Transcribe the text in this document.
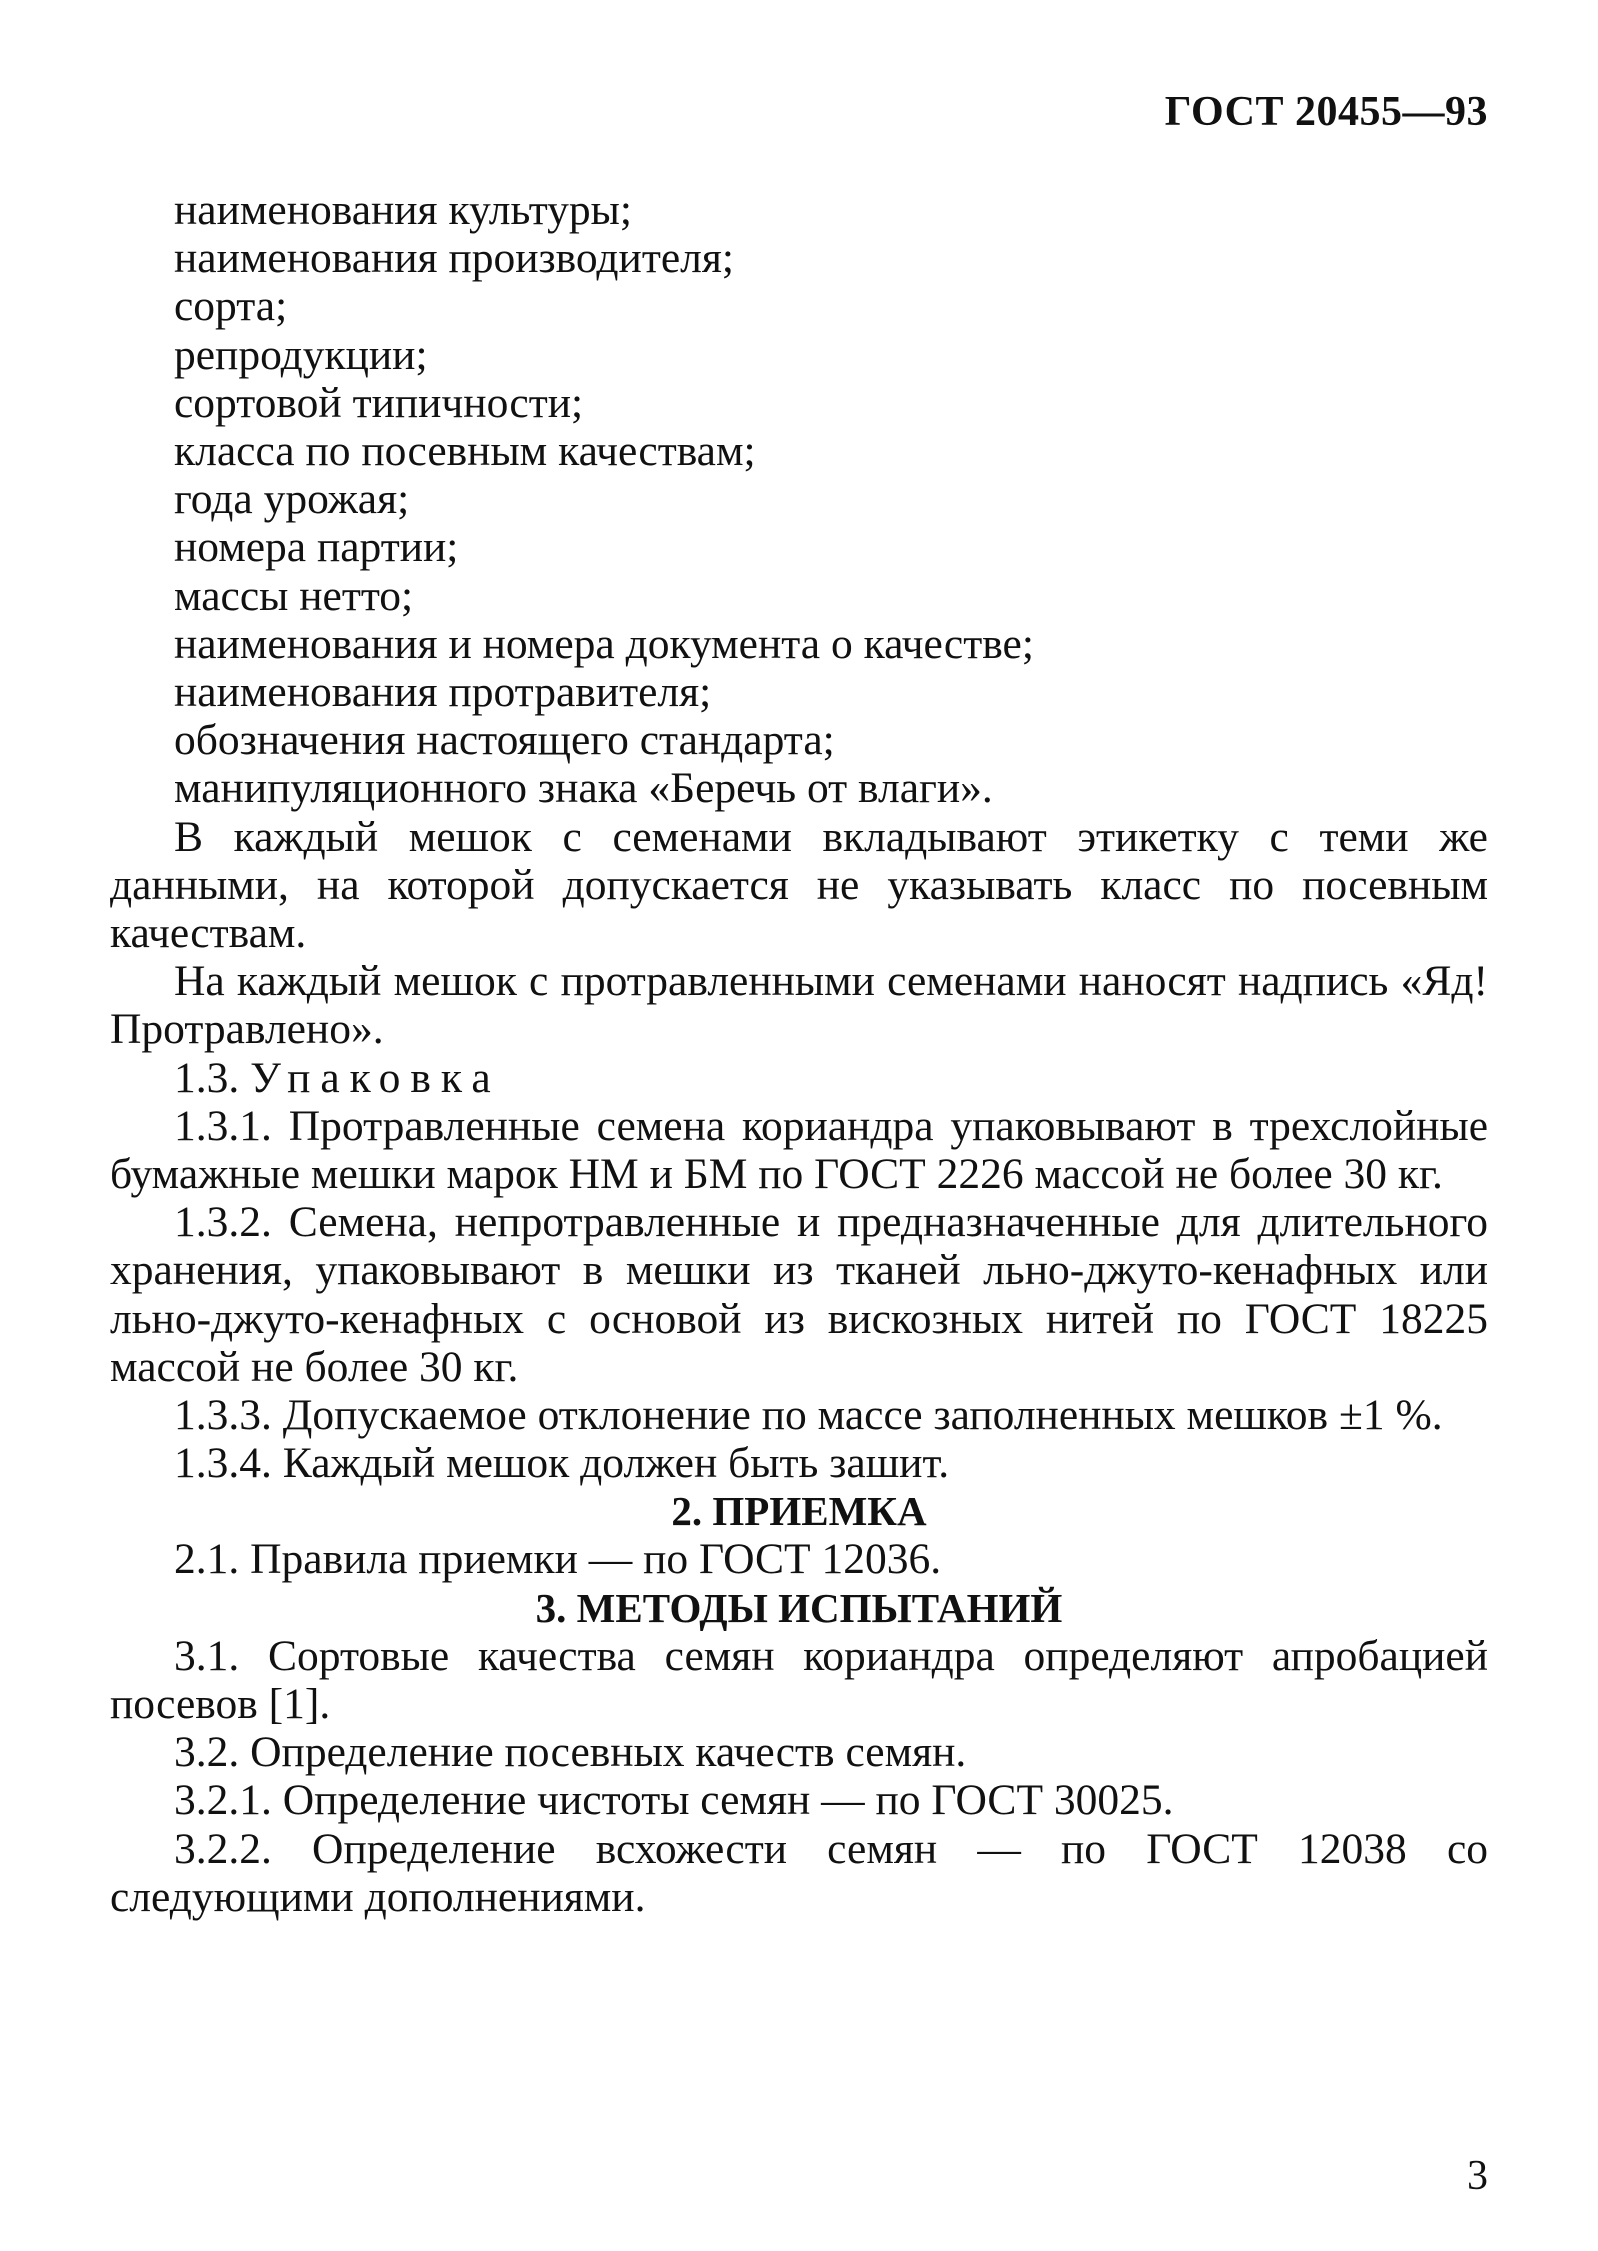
ГОСТ 20455—93

наименования культуры;

наименования производителя;

сорта;

репродукции;

сортовой типичности;

класса по посевным качествам;

года урожая;

номера партии;

массы нетто;

наименования и номера документа о качестве;

наименования протравителя;

обозначения настоящего стандарта;

манипуляционного знака «Беречь от влаги».

В каждый мешок с семенами вкладывают этикетку с теми же данными, на которой допускается не указывать класс по посевным качествам.

На каждый мешок с протравленными семенами наносят надпись «Яд! Протравлено».

1.3. Упаковка

1.3.1. Протравленные семена кориандра упаковывают в трехслойные бумажные мешки марок НМ и БМ по ГОСТ 2226 массой не более 30 кг.

1.3.2. Семена, непротравленные и предназначенные для длительного хранения, упаковывают в мешки из тканей льно-джуто-кенафных или льно-джуто-кенафных с основой из вискозных нитей по ГОСТ 18225 массой не более 30 кг.

1.3.3. Допускаемое отклонение по массе заполненных мешков ±1 %.

1.3.4. Каждый мешок должен быть зашит.

2. ПРИЕМКА

2.1. Правила приемки — по ГОСТ 12036.

3. МЕТОДЫ ИСПЫТАНИЙ

3.1. Сортовые качества семян кориандра определяют апробацией посевов [1].

3.2. Определение посевных качеств семян.

3.2.1. Определение чистоты семян — по ГОСТ 30025.

3.2.2. Определение всхожести семян — по ГОСТ 12038 со следующими дополнениями.

3
